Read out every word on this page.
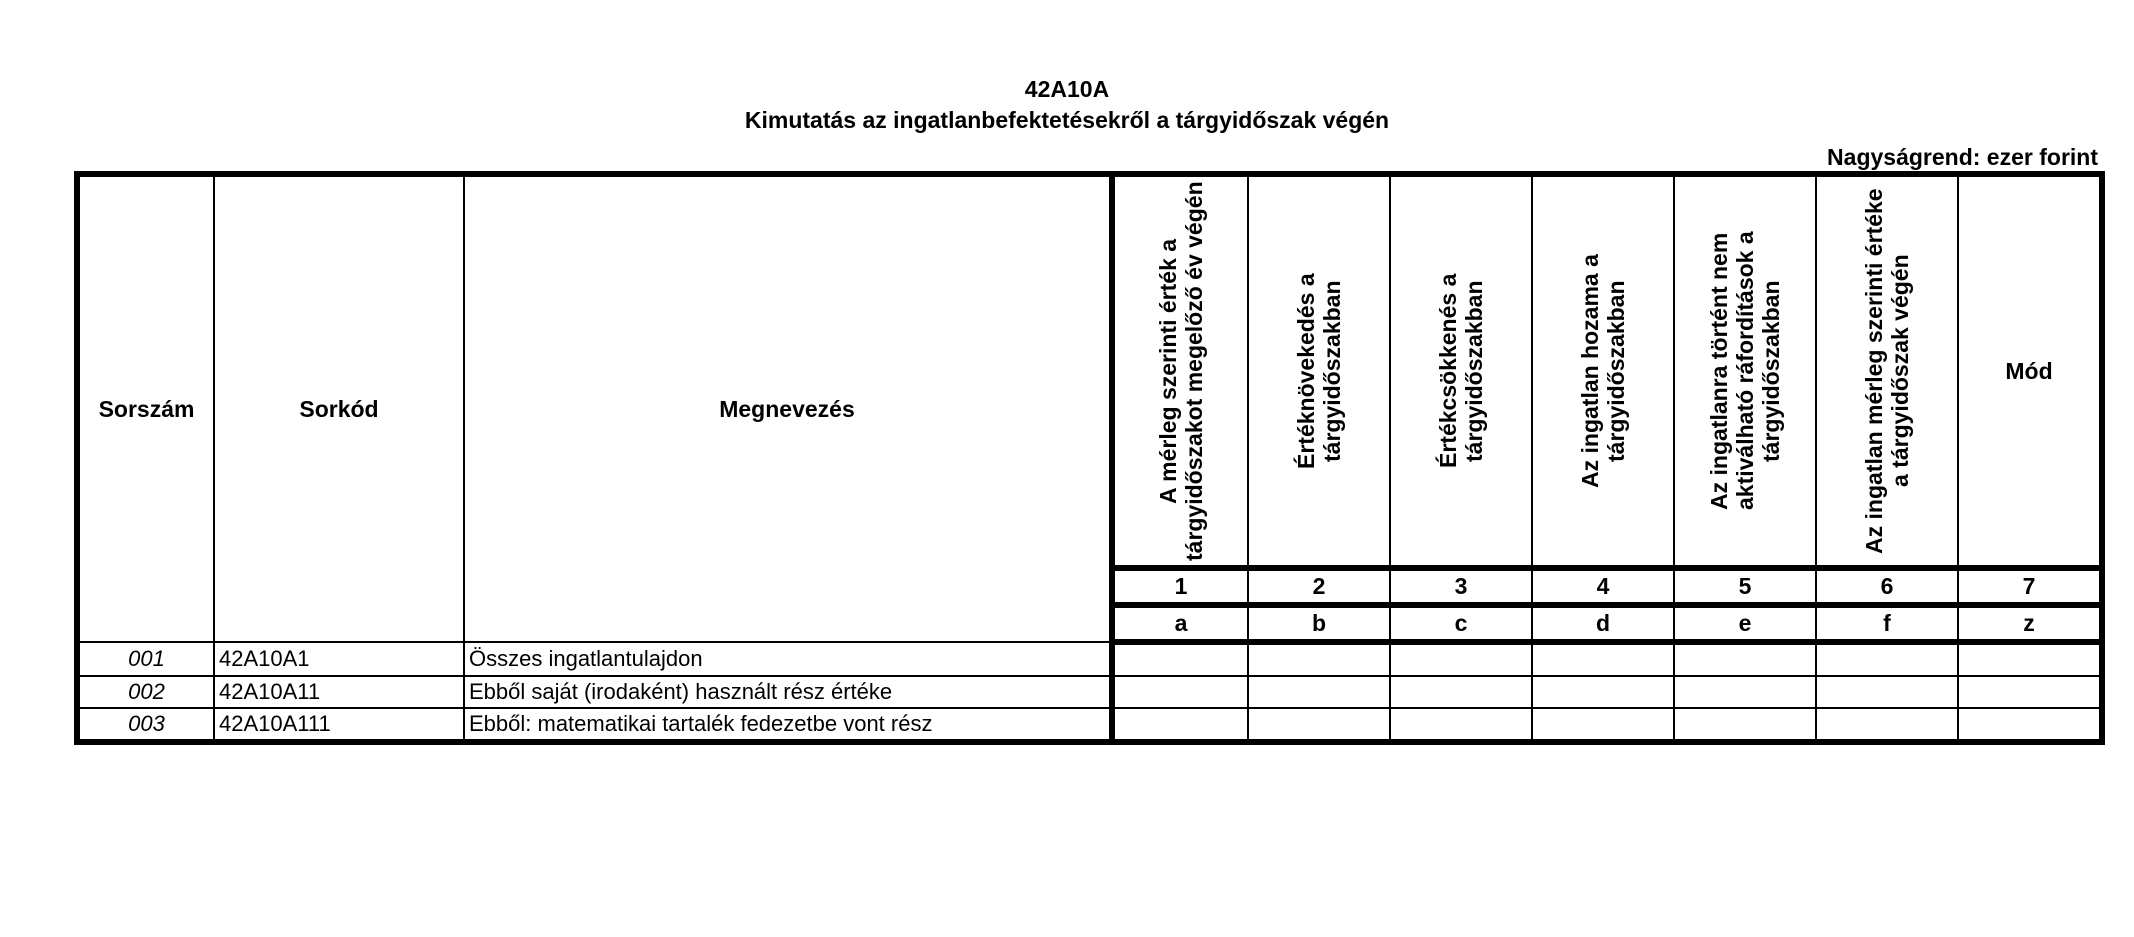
42A10A
Kimutatás az ingatlanbefektetésekről a tárgyidőszak végén
Nagyságrend: ezer forint
Sorszám	Sorkód	Megnevezés	A mérleg szerinti érték a tárgyidőszakot megelőző év végén	Értéknövekedés a tárgyidőszakban	Értékcsökkenés a tárgyidőszakban	Az ingatlan hozama a tárgyidőszakban	Az ingatlanra történt nem aktiválható ráfordítások a tárgyidőszakban	Az ingatlan mérleg szerinti értéke a tárgyidőszak végén	Mód
			1	2	3	4	5	6	7
			a	b	c	d	e	f	z
001	42A10A1	Összes ingatlantulajdon							
002	42A10A11	Ebből saját (irodaként) használt rész értéke							
003	42A10A111	Ebből: matematikai tartalék fedezetbe vont rész							
